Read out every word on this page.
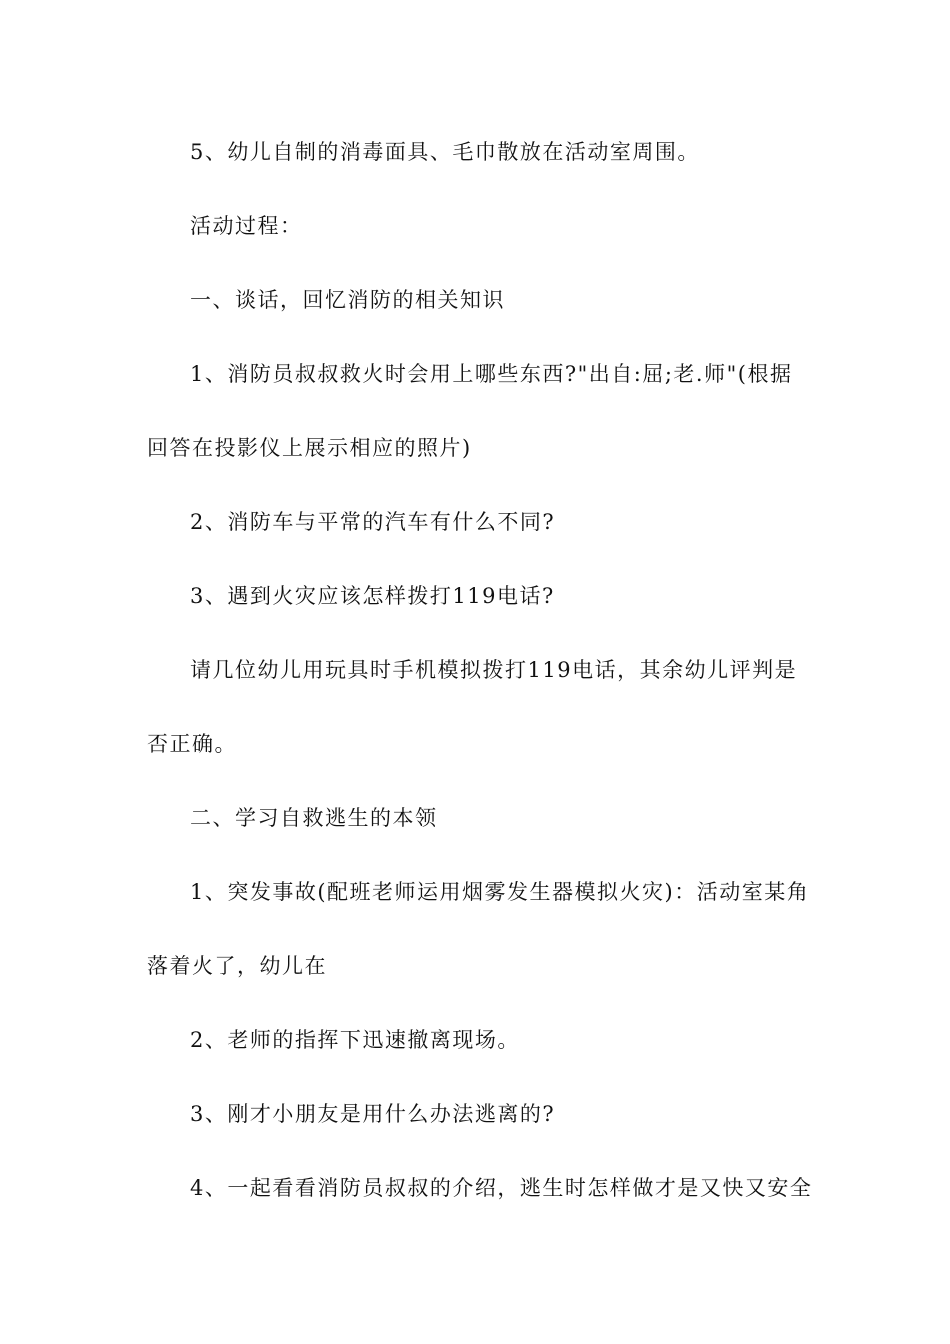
5、幼儿自制的消毒面具、毛巾散放在活动室周围。
活动过程：
一、谈话，回忆消防的相关知识
1、消防员叔叔救火时会用上哪些东西?"出自:屈;老.师"(根据
回答在投影仪上展示相应的照片)
2、消防车与平常的汽车有什么不同?
3、遇到火灾应该怎样拨打119电话?
请几位幼儿用玩具时手机模拟拨打119电话，其余幼儿评判是
否正确。
二、学习自救逃生的本领
1、突发事故(配班老师运用烟雾发生器模拟火灾)：活动室某角
落着火了，幼儿在
2、老师的指挥下迅速撤离现场。
3、刚才小朋友是用什么办法逃离的?
4、一起看看消防员叔叔的介绍，逃生时怎样做才是又快又安全
